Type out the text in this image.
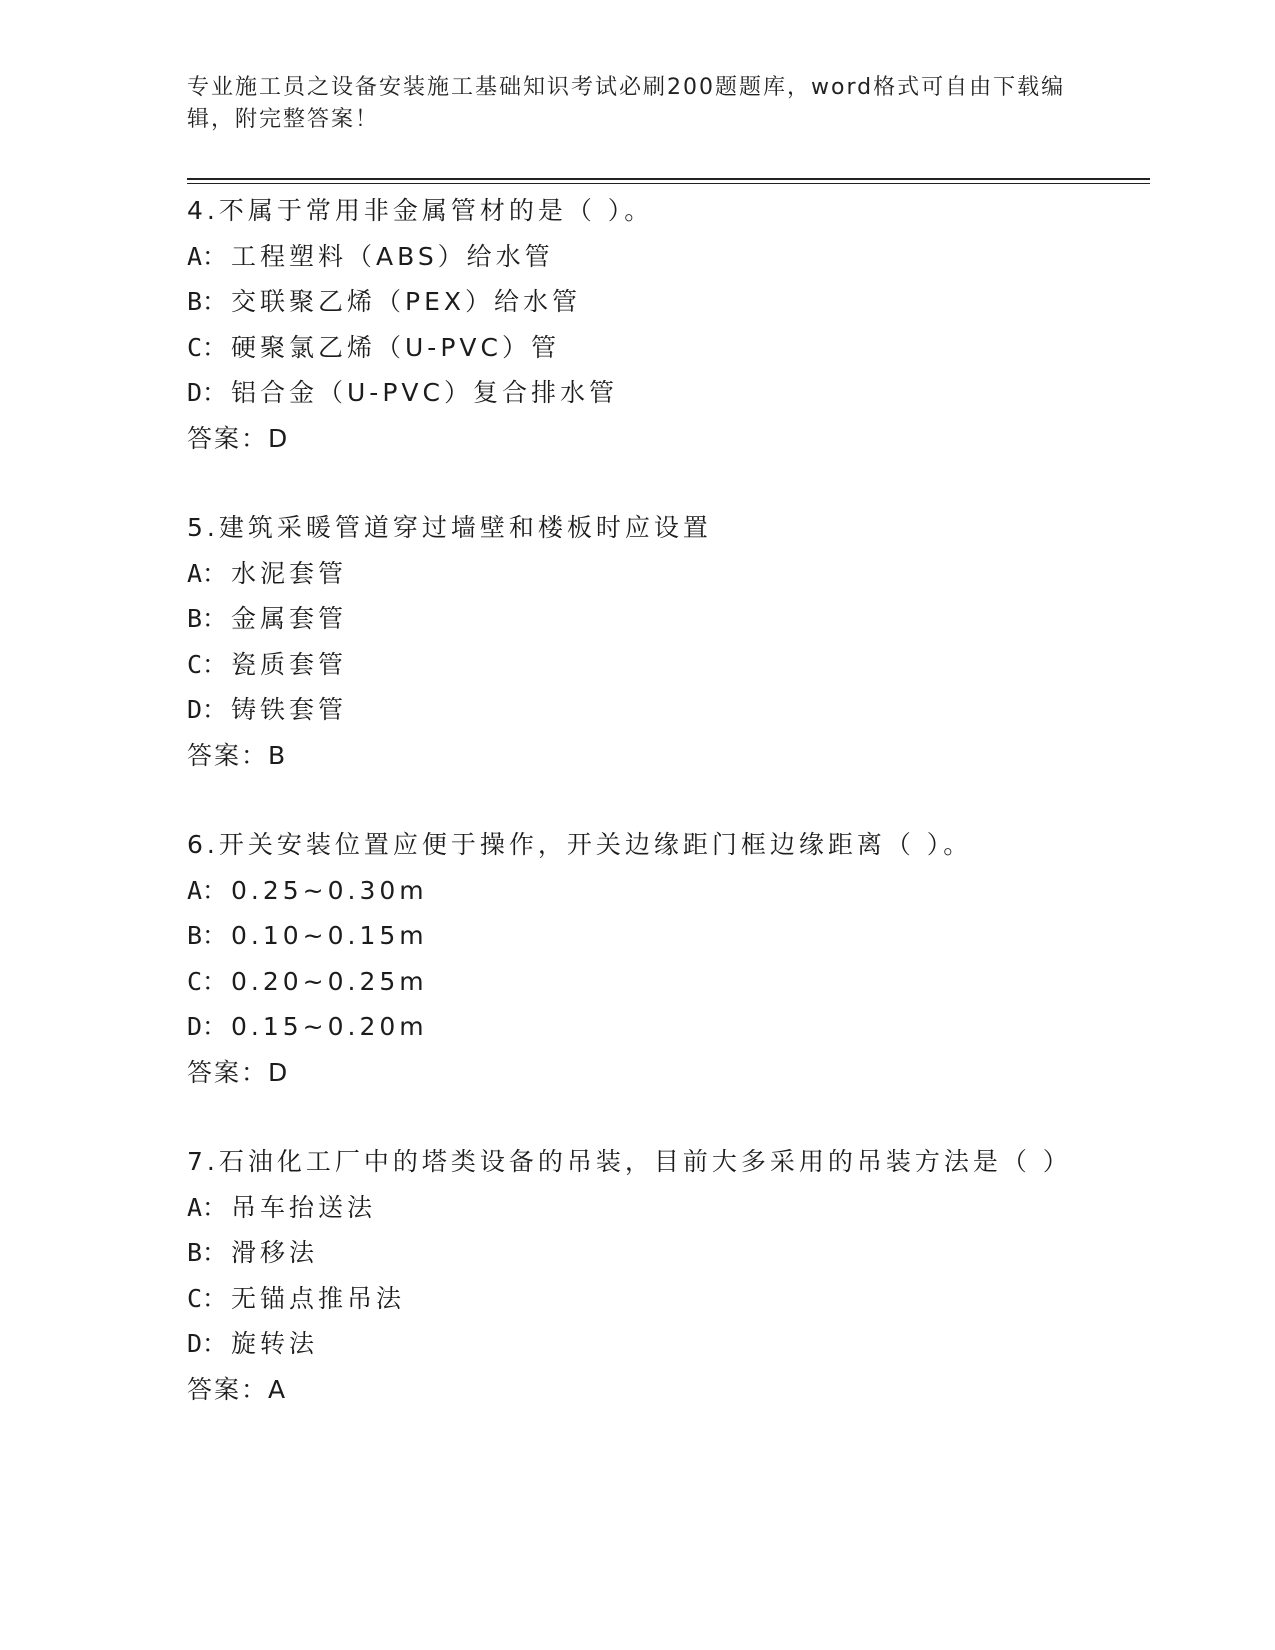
专业施工员之设备安装施工基础知识考试必刷200题题库，word格式可自由下载编辑，附完整答案！
4.不属于常用非金属管材的是（ ）。
A： 工程塑料（ABS）给水管
B： 交联聚乙烯（PEX）给水管
C： 硬聚氯乙烯（U-PVC）管
D： 铝合金（U-PVC）复合排水管
答案：D
5.建筑采暖管道穿过墙壁和楼板时应设置
A： 水泥套管
B： 金属套管
C： 瓷质套管
D： 铸铁套管
答案：B
6.开关安装位置应便于操作，开关边缘距门框边缘距离（ ）。
A： 0.25~0.30m
B： 0.10~0.15m
C： 0.20~0.25m
D： 0.15~0.20m
答案：D
7.石油化工厂中的塔类设备的吊装，目前大多采用的吊装方法是（ ）
A： 吊车抬送法
B： 滑移法
C： 无锚点推吊法
D： 旋转法
答案：A
